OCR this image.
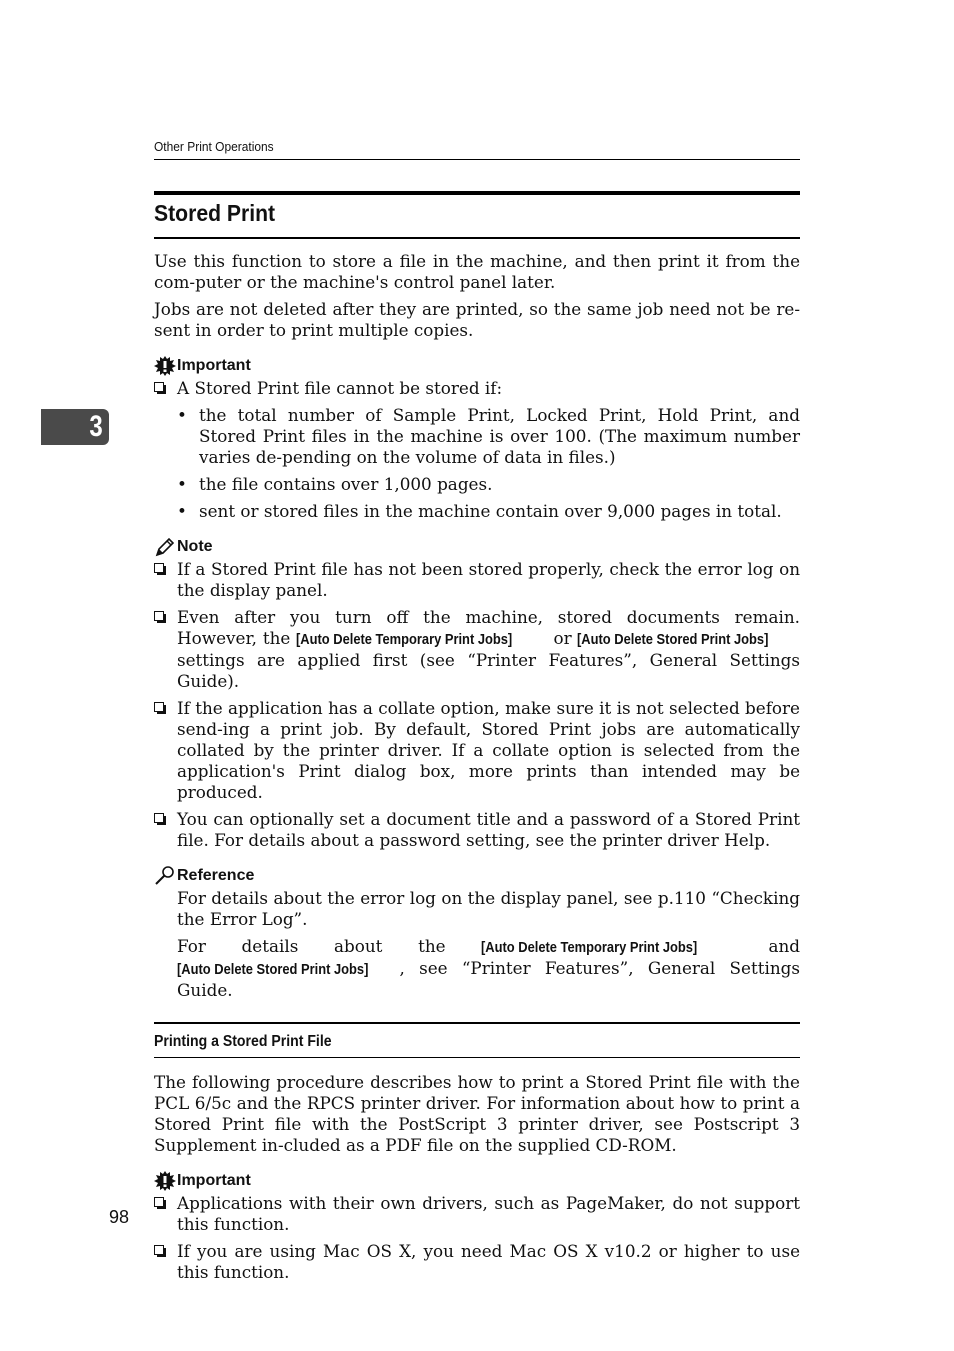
Other Print Operations
3
Stored Print

Use this function to store a file in the machine, and then print it from the com-puter or the machine's control panel later.

Jobs are not deleted after they are printed, so the same job need not be re-sent in order to print multiple copies.

Important
A Stored Print file cannot be stored if:
• the total number of Sample Print, Locked Print, Hold Print, and Stored Print files in the machine is over 100. (The maximum number varies de-pending on the volume of data in files.)
• the file contains over 1,000 pages.
• sent or stored files in the machine contain over 9,000 pages in total.
Note
If a Stored Print file has not been stored properly, check the error log on the display panel.
Even after you turn off the machine, stored documents remain. However, the [Auto Delete Temporary Print Jobs] or [Auto Delete Stored Print Jobs] settings are applied first (see “Printer Features”, General Settings Guide).
If the application has a collate option, make sure it is not selected before send-ing a print job. By default, Stored Print jobs are automatically collated by the printer driver. If a collate option is selected from the application's Print dialog box, more prints than intended may be produced.
You can optionally set a document title and a password of a Stored Print file. For details about a password setting, see the printer driver Help.
Reference
For details about the error log on the display panel, see p.110 “Checking the Error Log”.
For details about the [Auto Delete Temporary Print Jobs] and [Auto Delete Stored Print Jobs] , see “Printer Features”, General Settings Guide.
Printing a Stored Print File

The following procedure describes how to print a Stored Print file with the PCL 6/5c and the RPCS printer driver. For information about how to print a Stored Print file with the PostScript 3 printer driver, see Postscript 3 Supplement in-cluded as a PDF file on the supplied CD-ROM.

Important
Applications with their own drivers, such as PageMaker, do not support this function.
If you are using Mac OS X, you need Mac OS X v10.2 or higher to use this function.
98
